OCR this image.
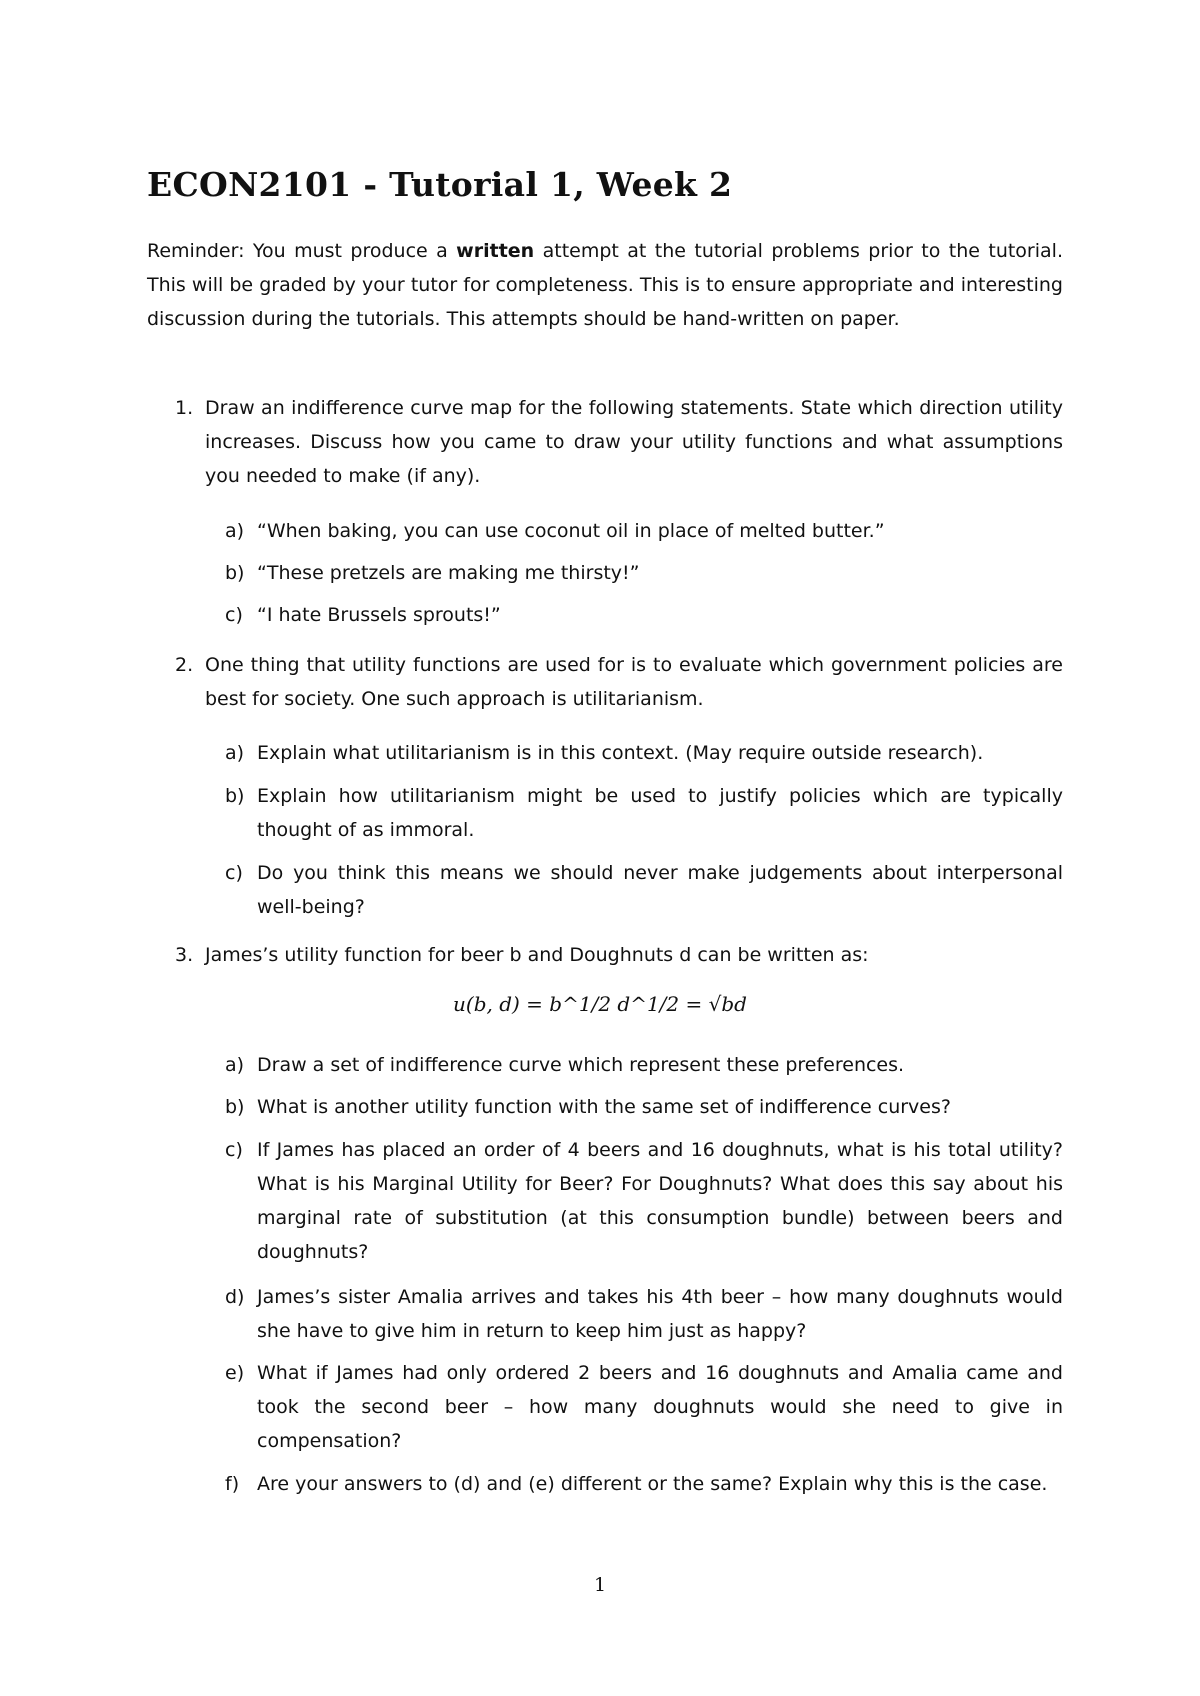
ECON2101 - Tutorial 1, Week 2
Reminder: You must produce a written attempt at the tutorial problems prior to the tutorial. This will be graded by your tutor for completeness. This is to ensure appropriate and interesting discussion during the tutorials. This attempts should be hand-written on paper.
1. Draw an indifference curve map for the following statements. State which direction utility increases. Discuss how you came to draw your utility functions and what assumptions you needed to make (if any).
a) “When baking, you can use coconut oil in place of melted butter.”
b) “These pretzels are making me thirsty!”
c) “I hate Brussels sprouts!”
2. One thing that utility functions are used for is to evaluate which government policies are best for society. One such approach is utilitarianism.
a) Explain what utilitarianism is in this context. (May require outside research).
b) Explain how utilitarianism might be used to justify policies which are typically thought of as immoral.
c) Do you think this means we should never make judgements about interpersonal well-being?
3. James’s utility function for beer b and Doughnuts d can be written as:
u(b, d) = b^1/2 d^1/2 = √bd
a) Draw a set of indifference curve which represent these preferences.
b) What is another utility function with the same set of indifference curves?
c) If James has placed an order of 4 beers and 16 doughnuts, what is his total utility? What is his Marginal Utility for Beer? For Doughnuts? What does this say about his marginal rate of substitution (at this consumption bundle) between beers and doughnuts?
d) James’s sister Amalia arrives and takes his 4th beer – how many doughnuts would she have to give him in return to keep him just as happy?
e) What if James had only ordered 2 beers and 16 doughnuts and Amalia came and took the second beer – how many doughnuts would she need to give in compensation?
f) Are your answers to (d) and (e) different or the same? Explain why this is the case.
1
